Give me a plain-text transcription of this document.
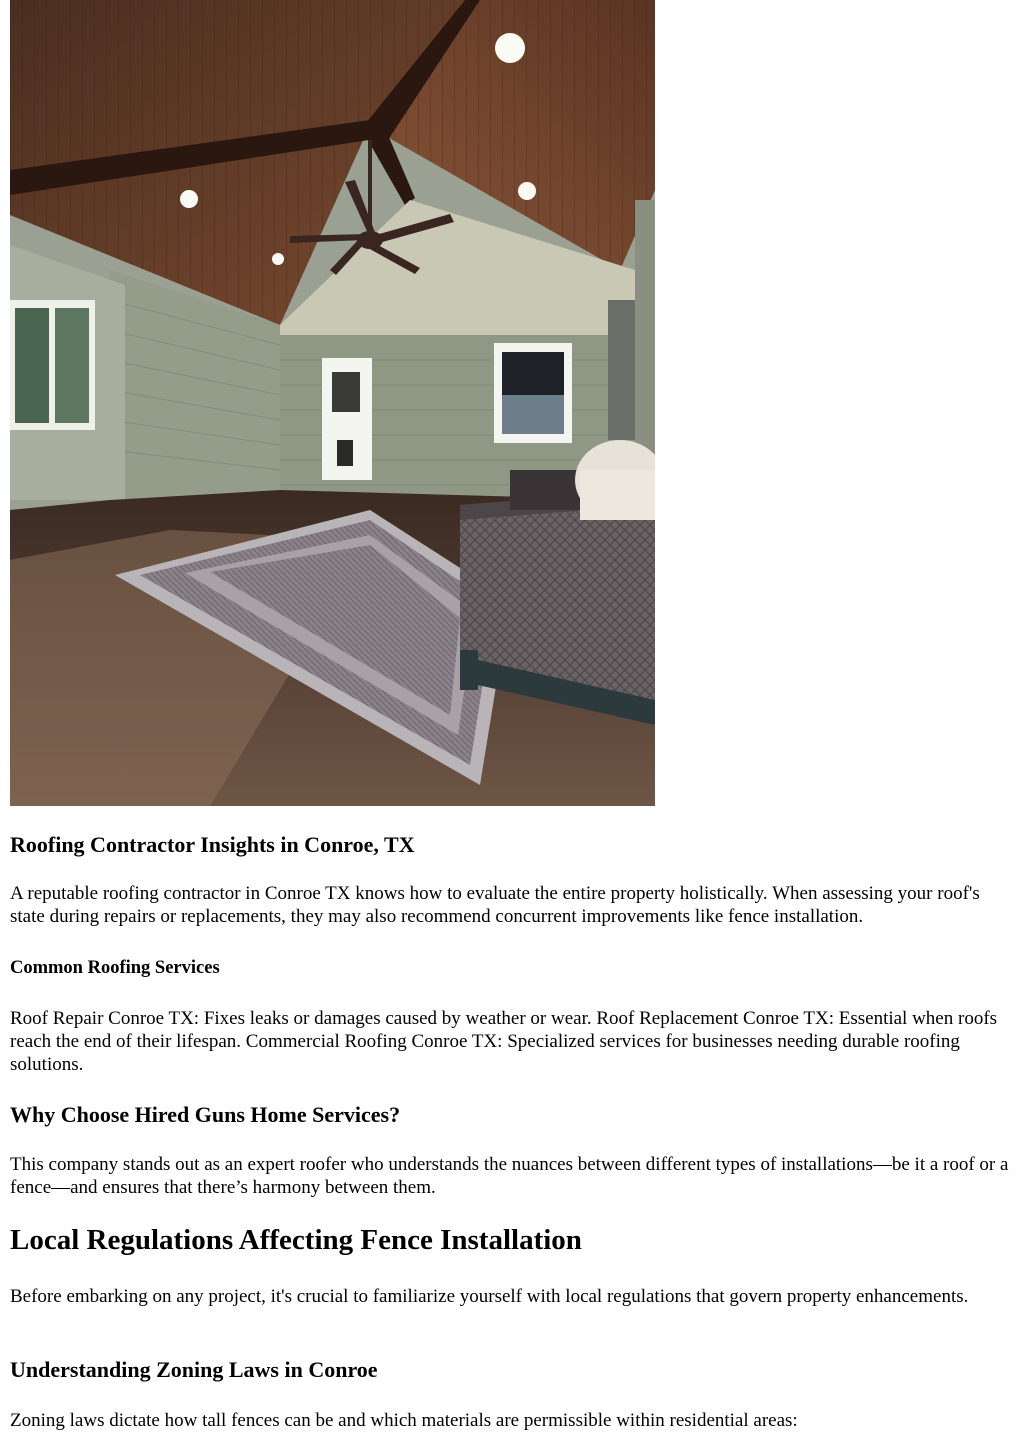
Roofing Contractor Insights in Conroe, TX

A reputable roofing contractor in Conroe TX knows how to evaluate the entire property holistically. When assessing your roof's state during repairs or replacements, they may also recommend concurrent improvements like fence installation.

Common Roofing Services

Roof Repair Conroe TX: Fixes leaks or damages caused by weather or wear. Roof Replacement Conroe TX: Essential when roofs reach the end of their lifespan. Commercial Roofing Conroe TX: Specialized services for businesses needing durable roofing solutions.

Why Choose Hired Guns Home Services?

This company stands out as an expert roofer who understands the nuances between different types of installations—be it a roof or a fence—and ensures that there’s harmony between them.

Local Regulations Affecting Fence Installation

Before embarking on any project, it's crucial to familiarize yourself with local regulations that govern property enhancements.

Understanding Zoning Laws in Conroe

Zoning laws dictate how tall fences can be and which materials are permissible within residential areas:
